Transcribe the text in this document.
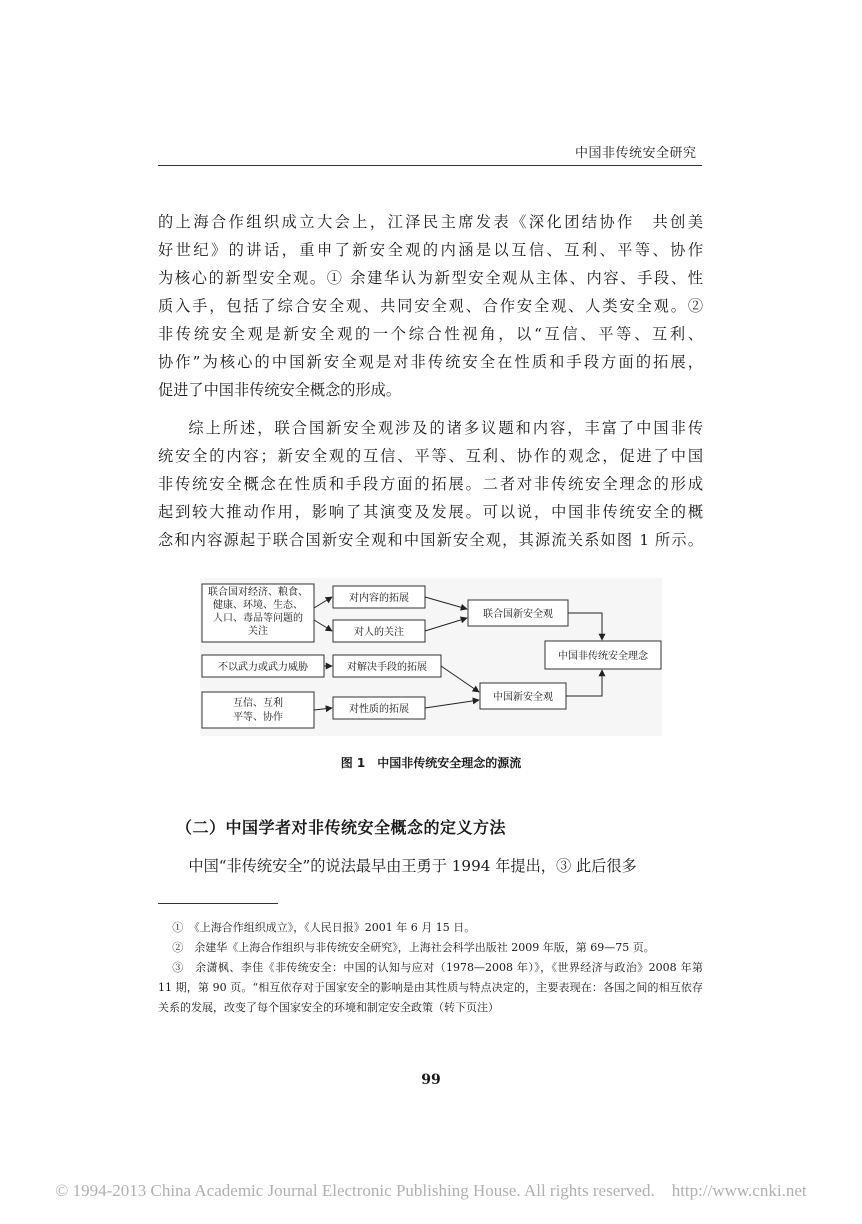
中国非传统安全研究

的上海合作组织成立大会上，江泽民主席发表《深化团结协作　共创美

好世纪》的讲话，重申了新安全观的内涵是以互信、互利、平等、协作

为核心的新型安全观。① 余建华认为新型安全观从主体、内容、手段、性

质入手，包括了综合安全观、共同安全观、合作安全观、人类安全观。②

非传统安全观是新安全观的一个综合性视角，以“互信、平等、互利、

协作”为核心的中国新安全观是对非传统安全在性质和手段方面的拓展，

促进了中国非传统安全概念的形成。

综上所述，联合国新安全观涉及的诸多议题和内容，丰富了中国非传

统安全的内容；新安全观的互信、平等、互利、协作的观念，促进了中国

非传统安全概念在性质和手段方面的拓展。二者对非传统安全理念的形成

起到较大推动作用，影响了其演变及发展。可以说，中国非传统安全的概

念和内容源起于联合国新安全观和中国新安全观，其源流关系如图 1 所示。

联合国对经济、粮食、
健康、环境、生态、
人口、毒品等问题的
关注
不以武力或武力威胁
互信、互利
平等、协作
对内容的拓展
对人的关注
对解决手段的拓展
对性质的拓展
联合国新安全观
中国新安全观
中国非传统安全理念
图 1　中国非传统安全理念的源流
（二）中国学者对非传统安全概念的定义方法

中国“非传统安全”的说法最早由王勇于 1994 年提出，③ 此后很多

①　《上海合作组织成立》，《人民日报》2001 年 6 月 15 日。

②　余建华《上海合作组织与非传统安全研究》，上海社会科学出版社 2009 年版，第 69—75 页。

③　余潇枫、李佳《非传统安全：中国的认知与应对（1978—2008 年）》，《世界经济与政治》2008 年第 11 期，第 90 页。“相互依存对于国家安全的影响是由其性质与特点决定的，主要表现在：各国之间的相互依存关系的发展，改变了每个国家安全的环境和制定安全政策（转下页注）

99
© 1994-2013 China Academic Journal Electronic Publishing House. All rights reserved.　http://www.cnki.net
